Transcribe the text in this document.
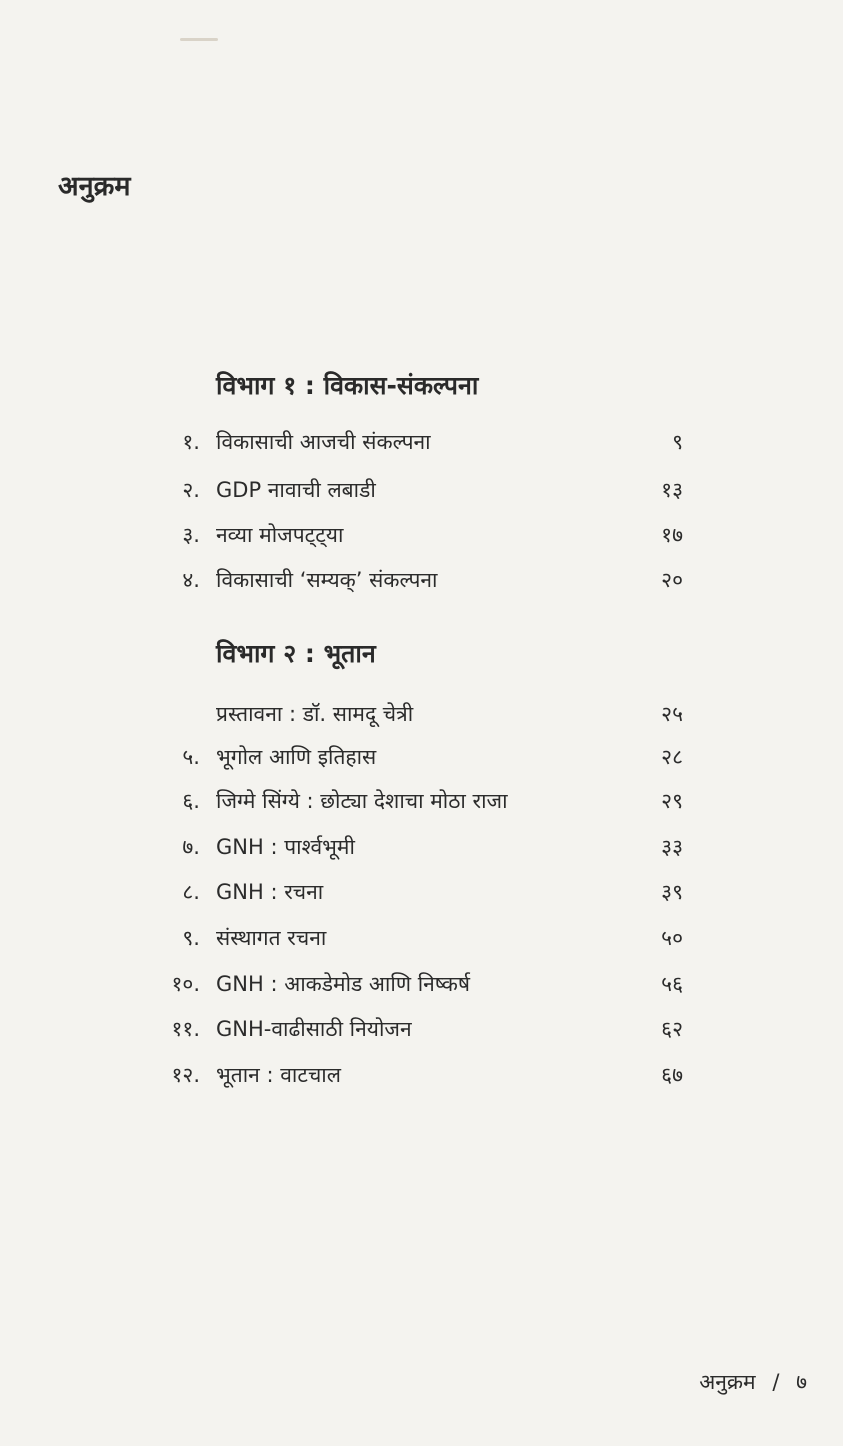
अनुक्रम
विभाग १ : विकास-संकल्पना
१. विकासाची आजची संकल्पना	९
२. GDP नावाची लबाडी	१३
३. नव्या मोजपट्ट्या	१७
४. विकासाची ‘सम्यक्’ संकल्पना	२०
विभाग २ : भूतान
प्रस्तावना : डॉ. सामदू चेत्री	२५
५. भूगोल आणि इतिहास	२८
६. जिग्मे सिंग्ये : छोट्या देशाचा मोठा राजा	२९
७. GNH : पार्श्वभूमी	३३
८. GNH : रचना	३९
९. संस्थागत रचना	५०
१०. GNH : आकडेमोड आणि निष्कर्ष	५६
११. GNH-वाढीसाठी नियोजन	६२
१२. भूतान : वाटचाल	६७
अनुक्रम / ७
